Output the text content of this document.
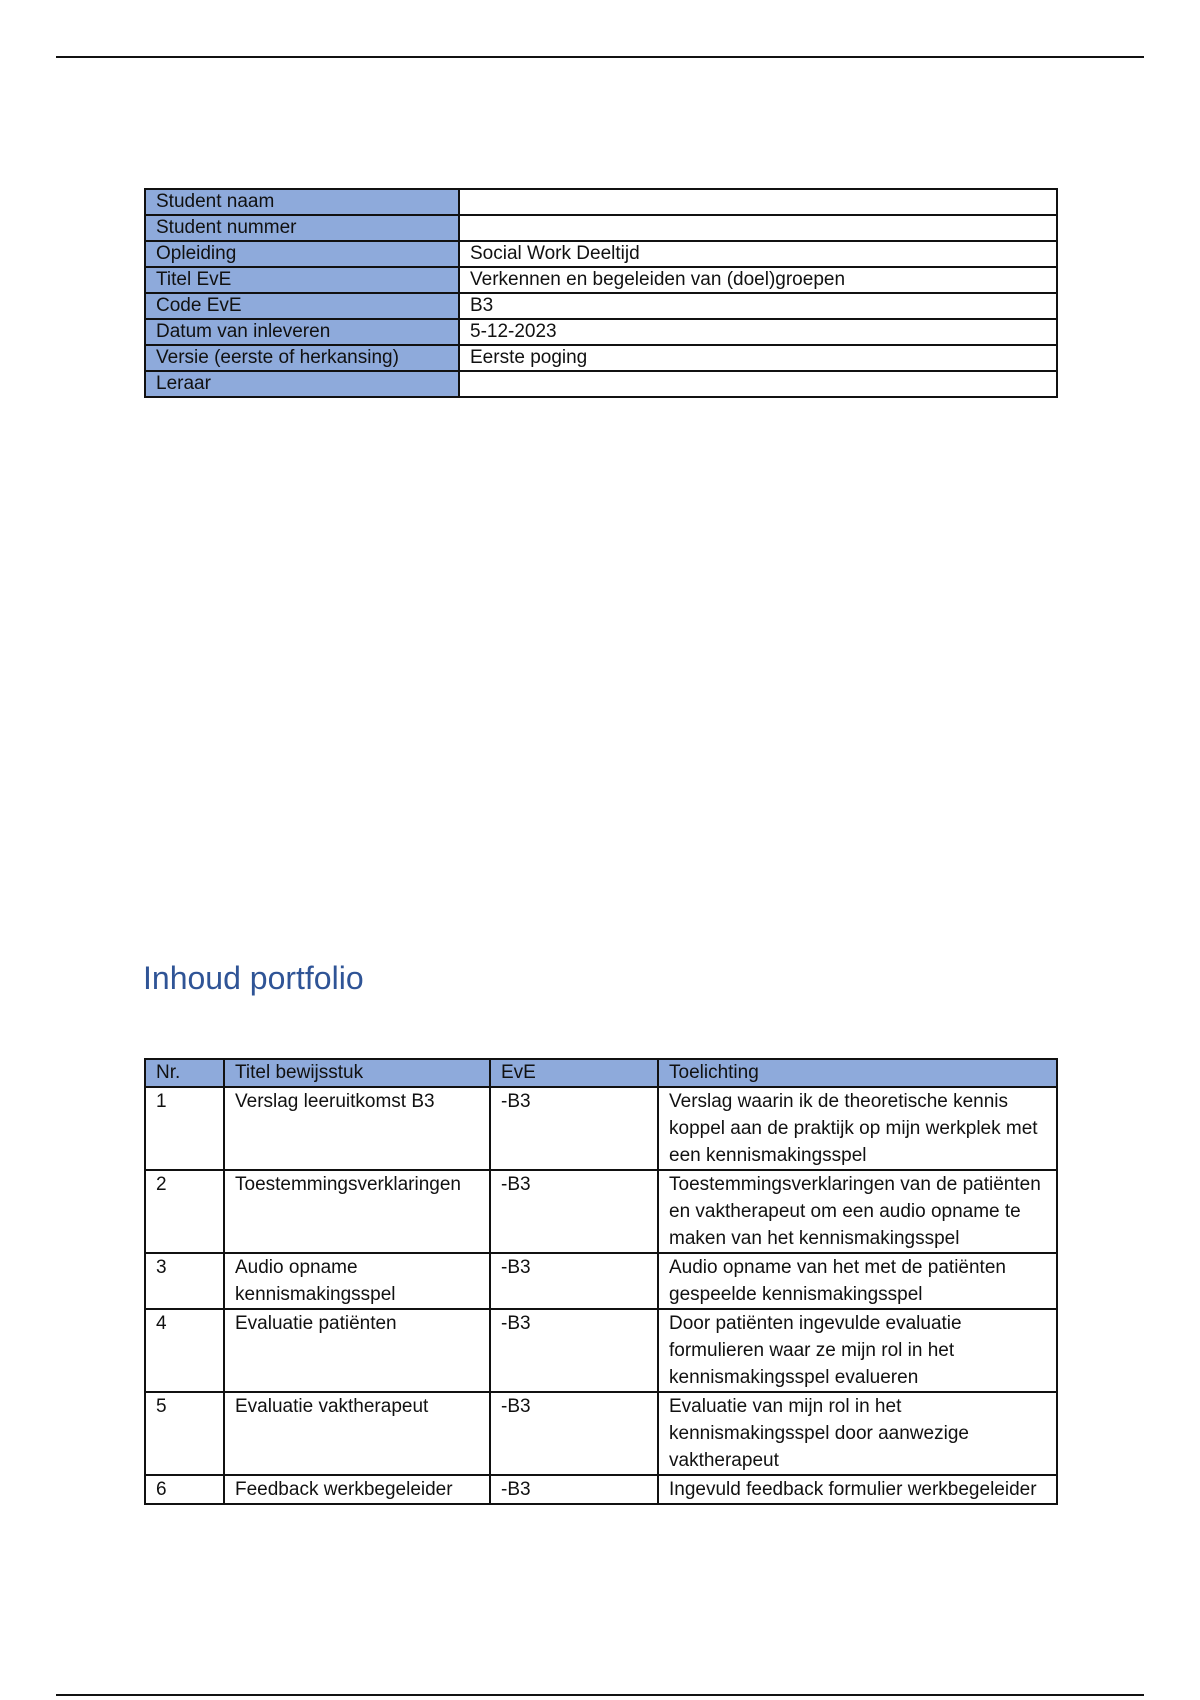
Student naam	
Student nummer	
Opleiding	Social Work Deeltijd
Titel EvE	Verkennen en begeleiden van (doel)groepen
Code EvE	B3
Datum van inleveren	5-12-2023
Versie (eerste of herkansing)	Eerste poging
Leraar	
Inhoud portfolio
Nr.	Titel bewijsstuk	EvE	Toelichting
1	Verslag leeruitkomst B3	-B3	Verslag waarin ik de theoretische kennis koppel aan de praktijk op mijn werkplek met een kennismakingsspel
2	Toestemmingsverklaringen	-B3	Toestemmingsverklaringen van de patiënten en vaktherapeut om een audio opname te maken van het kennismakingsspel
3	Audio opname kennismakingsspel	-B3	Audio opname van het met de patiënten gespeelde kennismakingsspel
4	Evaluatie patiënten	-B3	Door patiënten ingevulde evaluatie formulieren waar ze mijn rol in het kennismakingsspel evalueren
5	Evaluatie vaktherapeut	-B3	Evaluatie van mijn rol in het kennismakingsspel door aanwezige vaktherapeut
6	Feedback werkbegeleider	-B3	Ingevuld feedback formulier werkbegeleider
